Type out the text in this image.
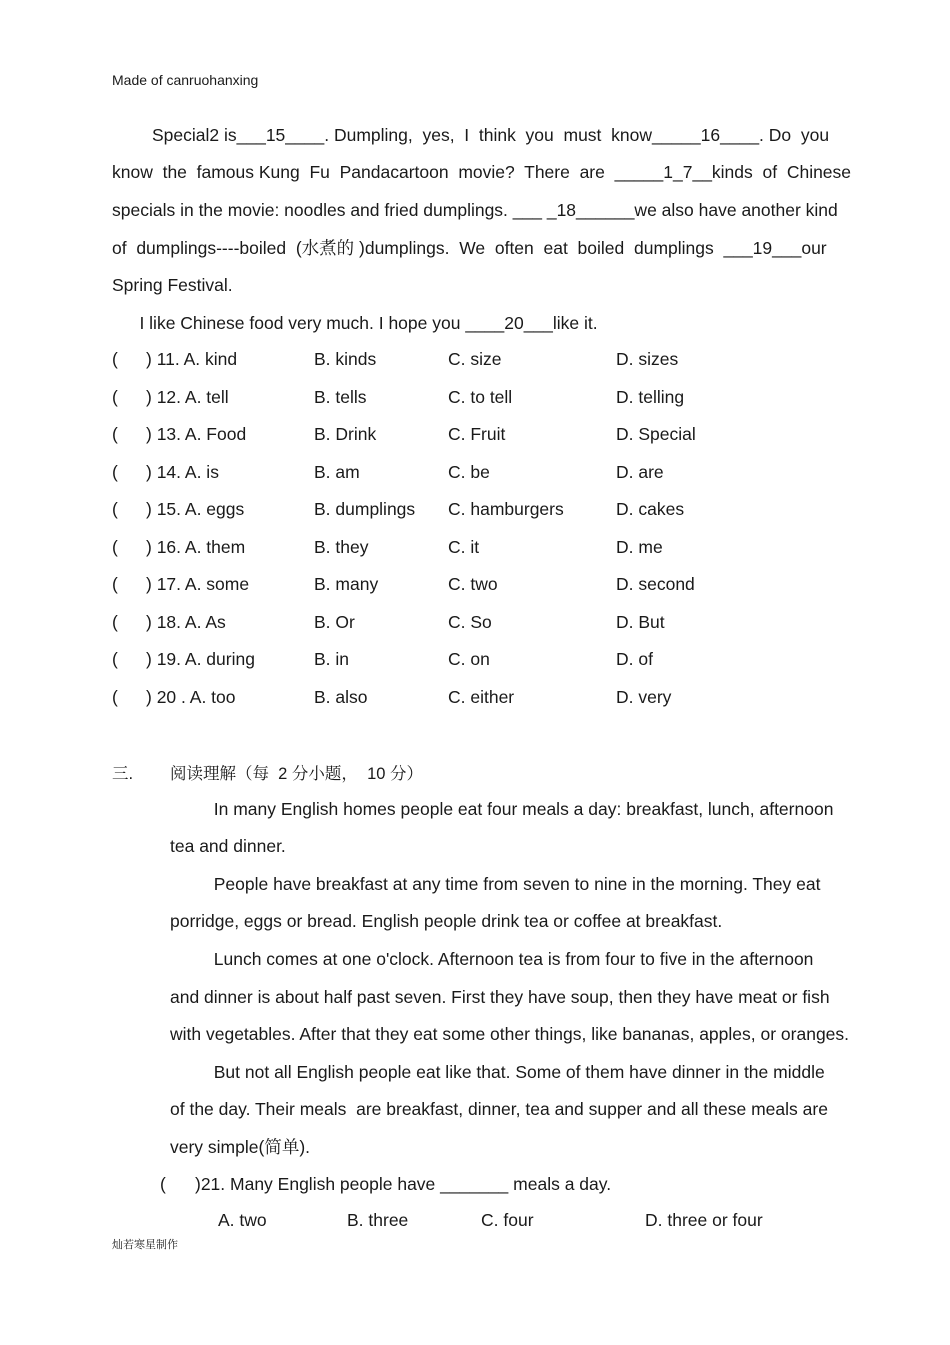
Made of canruohanxing
Special2 is___15____. Dumpling,  yes,  I  think  you  must  know_____16____. Do  you
know  the  famous Kung  Fu  Pandacartoon  movie?  There  are  _____1_7__kinds  of  Chinese
specials in the movie: noodles and fried dumplings. ___ _18______we also have another kind
of  dumplings----boiled  (水煮的 )dumplings.  We  often  eat  boiled  dumplings  ___19___our
Spring Festival.
I like Chinese food very much. I hope you ____20___like it.
( ) 11. A. kind	B. kinds	C. size	D. sizes
( ) 12. A. tell	B. tells	C. to tell	D. telling
( ) 13. A. Food	B. Drink	C. Fruit	D. Special
( ) 14. A. is	B. am	C. be	D. are
( ) 15. A. eggs	B. dumplings C. hamburgers	D. cakes
( ) 16. A. them	B. they	C. it	D. me
( ) 17. A. some	B. many	C. two	D. second
( ) 18. A. As	B. Or	C. So	D. But
( ) 19. A. during	B. in	C. on	D. of
( ) 20 . A. too	B. also	C. either	D. very
三. 阅读理解（每  2 分小题，  10 分）
In many English homes people eat four meals a day: breakfast, lunch, afternoon
tea and dinner.
People have breakfast at any time from seven to nine in the morning. They eat
porridge, eggs or bread. English people drink tea or coffee at breakfast.
Lunch comes at one o'clock. Afternoon tea is from four to five in the afternoon
and dinner is about half past seven. First they have soup, then they have meat or fish
with vegetables. After that they eat some other things, like bananas, apples, or oranges.
But not all English people eat like that. Some of them have dinner in the middle
of the day. Their meals  are breakfast, dinner, tea and supper and all these meals are
very simple(简单).
(      )21. Many English people have _______ meals a day.
A. two	B. three	C. four	D. three or four
灿若寒星制作
